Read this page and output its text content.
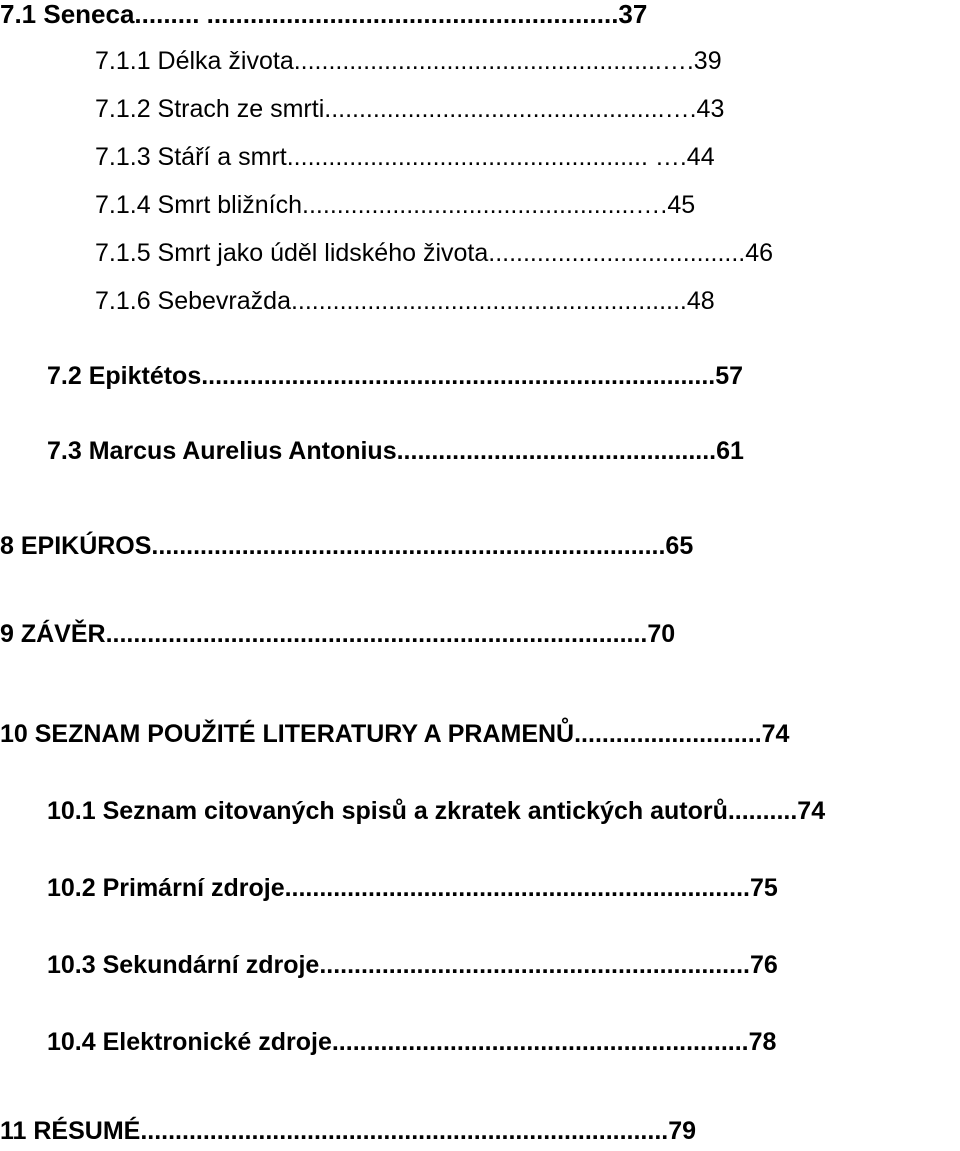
7.1 Seneca......... .........................................................37
7.1.1 Délka života.....................................................….39
7.1.2 Strach ze smrti.................................................….43
7.1.3 Stáří a smrt.................................................... ….44
7.1.4 Smrt bližních................................................….45
7.1.5 Smrt jako úděl lidského života.....................................46
7.1.6 Sebevražda.........................................................48
7.2 Epiktétos..........................................................................57
7.3 Marcus Aurelius Antonius..............................................61
8 EPIKÚROS..........................................................................65
9 ZÁVĚR..............................................................................70
10 SEZNAM POUŽITÉ LITERATURY A PRAMENŮ...........................74
10.1 Seznam citovaných spisů a zkratek antických autorů..........74
10.2 Primární zdroje...................................................................75
10.3 Sekundární zdroje..............................................................76
10.4 Elektronické zdroje............................................................78
11 RÉSUMÉ............................................................................79
